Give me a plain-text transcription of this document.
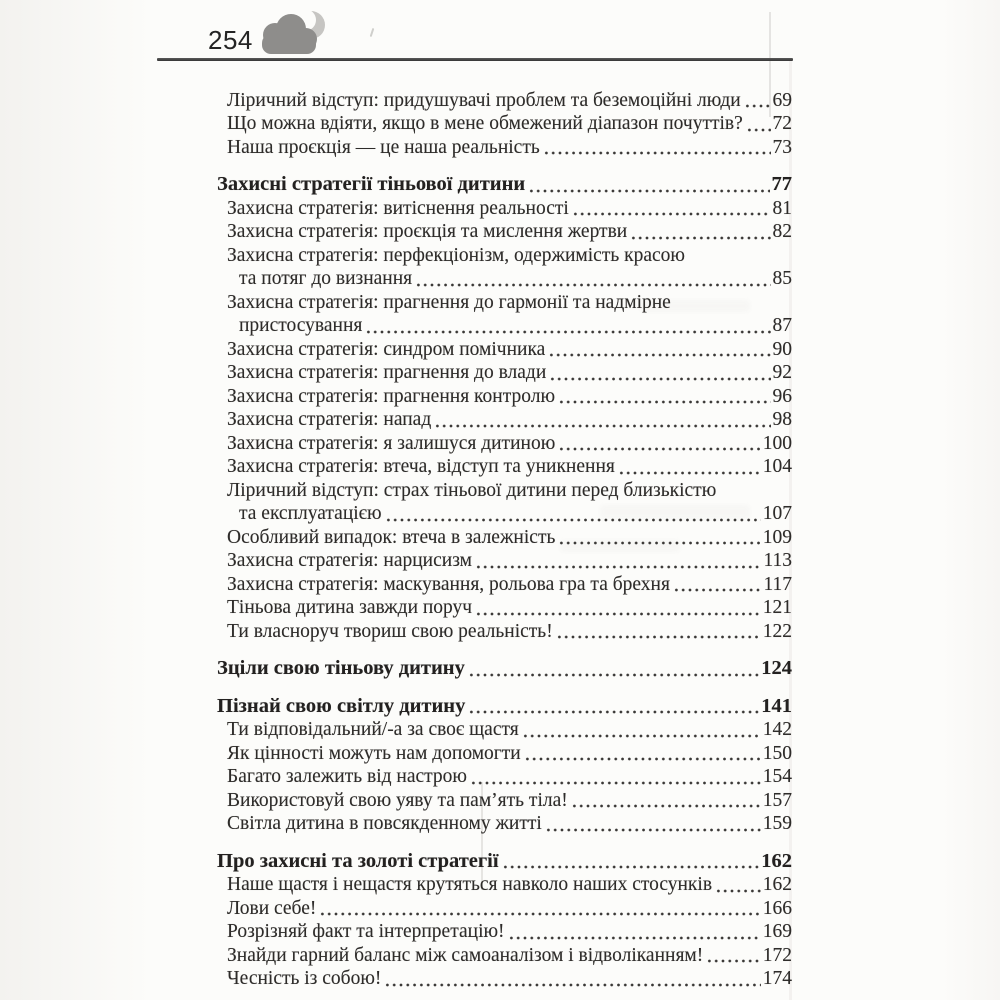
254
Ліричний відступ: придушувачі проблем та беземоційні люди 69
Що можна вдіяти, якщо в мене обмежений діапазон почуттів? 72
Наша проєкція — це наша реальність	73
Захисні стратегії тіньової дитини	77
Захисна стратегія: витіснення реальності	81
Захисна стратегія: проєкція та мислення жертви	82
Захисна стратегія: перфекціонізм, одержимість красою
та потяг до визнання	85
Захисна стратегія: прагнення до гармонії та надмірне
пристосування	87
Захисна стратегія: синдром помічника	90
Захисна стратегія: прагнення до влади	92
Захисна стратегія: прагнення контролю	96
Захисна стратегія: напад	98
Захисна стратегія: я залишуся дитиною	100
Захисна стратегія: втеча, відступ та уникнення	104
Ліричний відступ: страх тіньової дитини перед близькістю
та експлуатацією	107
Особливий випадок: втеча в залежність	109
Захисна стратегія: нарцисизм	113
Захисна стратегія: маскування, рольова гра та брехня	117
Тіньова дитина завжди поруч	121
Ти власноруч твориш свою реальність!	122
Зціли свою тіньову дитину	124
Пізнай свою світлу дитину	141
Ти відповідальний/-а за своє щастя	142
Як цінності можуть нам допомогти	150
Багато залежить від настрою	154
Використовуй свою уяву та пам’ять тіла!	157
Світла дитина в повсякденному житті	159
Про захисні та золоті стратегії	162
Наше щастя і нещастя крутяться навколо наших стосунків	162
Лови себе!	166
Розрізняй факт та інтерпретацію!	169
Знайди гарний баланс між самоаналізом і відволіканням!	172
Чесність із собою!	174
